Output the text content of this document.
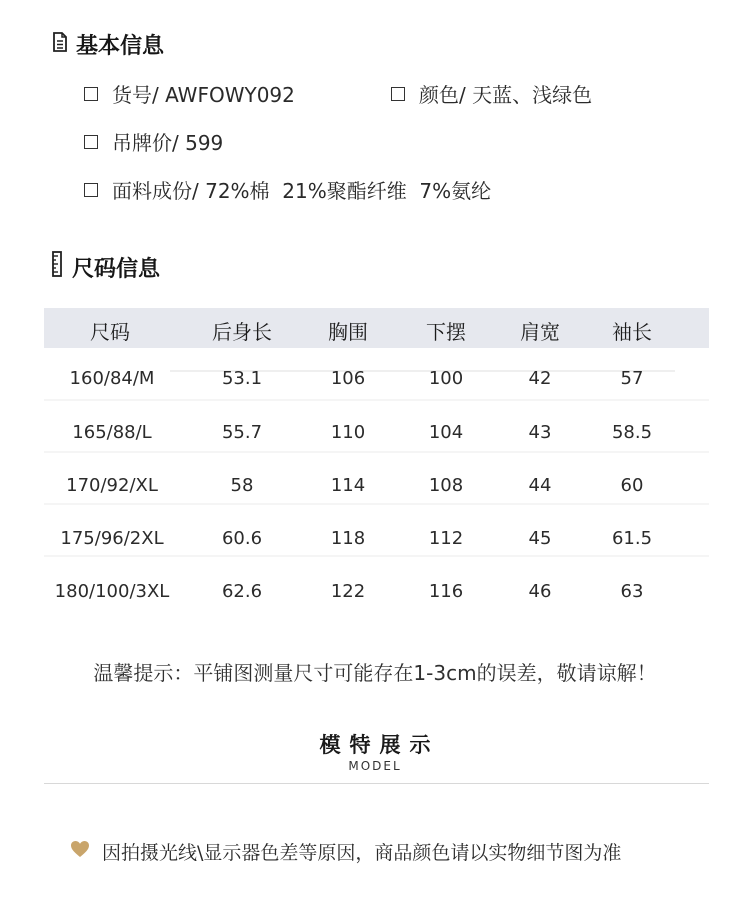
基本信息
货号/ AWFOWY092	颜色/ 天蓝、浅绿色
吊牌价/ 599
面料成份/ 72%棉  21%聚酯纤维  7%氨纶
尺码信息
尺码	后身长	胸围	下摆	肩宽	袖长
160/84/M	53.1	106	100	42	57
165/88/L	55.7	110	104	43	58.5
170/92/XL	58	114	108	44	60
175/96/2XL	60.6	118	112	45	61.5
180/100/3XL	62.6	122	116	46	63
温馨提示：平铺图测量尺寸可能存在1-3cm的误差，敬请谅解！
模特展示
MODEL
因拍摄光线\显示器色差等原因，商品颜色请以实物细节图为准
